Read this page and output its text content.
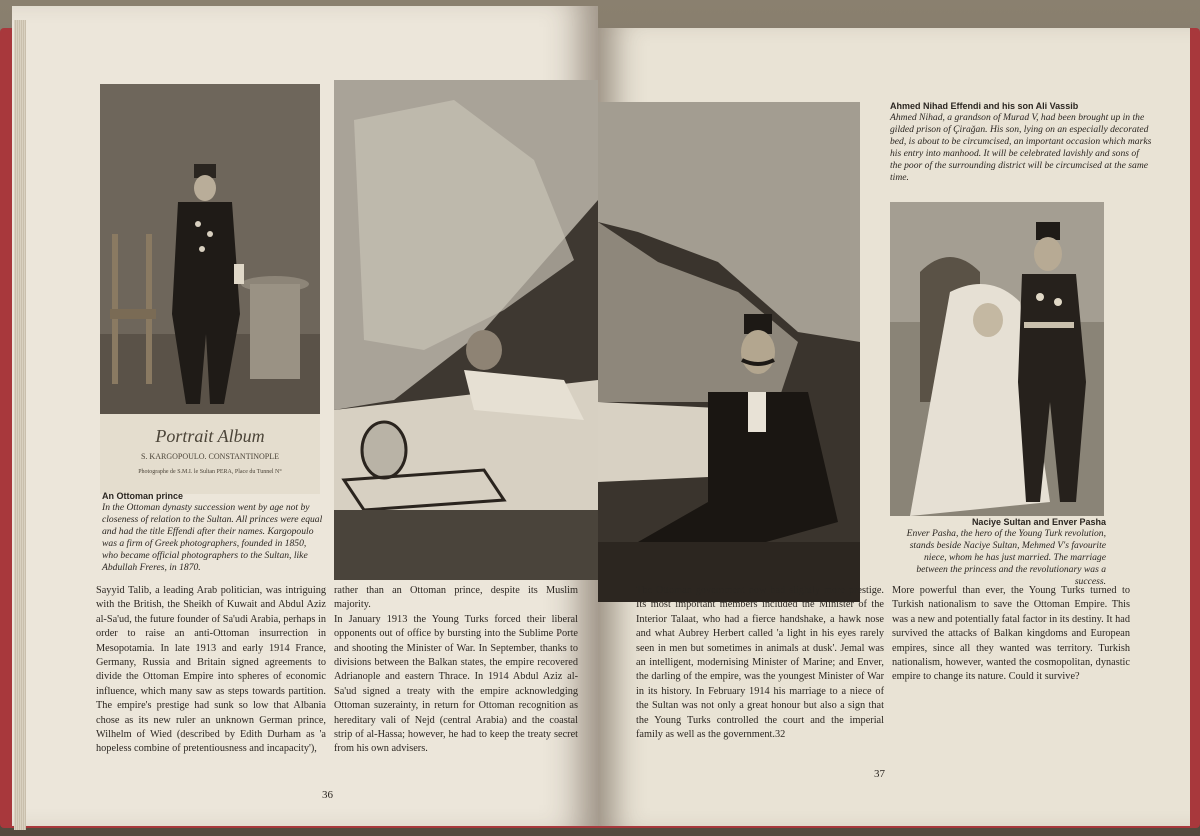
Portrait Album
S. KARGOPOULO. CONSTANTINOPLE
Photographe de S.M.I. le Sultan PERA, Place du Tunnel N°
An Ottoman prince
In the Ottoman dynasty succession went by age not by closeness of relation to the Sultan. All princes were equal and had the title Effendi after their names. Kargopoulo was a firm of Greek photographers, founded in 1850, who became official photographers to the Sultan, like Abdullah Freres, in 1870.

Sayyid Talib, a leading Arab politician, was intriguing with the British, the Sheikh of Kuwait and Abdul Aziz al-Sa'ud, the future founder of Sa'udi Arabia, perhaps in order to raise an anti-Ottoman insurrection in Mesopotamia. In late 1913 and early 1914 France, Germany, Russia and Britain signed agreements to divide the Ottoman Empire into spheres of economic influence, which many saw as steps towards partition. The empire's prestige had sunk so low that Albania chose as its new ruler an unknown German prince, Wilhelm of Wied (described by Edith Durham as 'a hopeless combine of pretentiousness and incapacity'),

rather than an Ottoman prince, despite its Muslim majority.

In January 1913 the Young Turks forced their liberal opponents out of office by bursting into the Sublime Porte and shooting the Minister of War. In September, thanks to divisions between the Balkan states, the empire recovered Adrianople and eastern Thrace. In 1914 Abdul Aziz al-Sa'ud signed a treaty with the empire acknowledging Ottoman suzerainty, in return for Ottoman recognition as hereditary vali of Nejd (central Arabia) and the coastal strip of al-Hassa; however, he had to keep the treaty secret from his own advisers.

36
Ahmed Nihad Effendi and his son Ali Vassib
Ahmed Nihad, a grandson of Murad V, had been brought up in the gilded prison of Çirağan. His son, lying on an especially decorated bed, is about to be circumcised, an important occasion which marks his entry into manhood. It will be celebrated lavishly and sons of the poor of the surrounding district will be circumcised at the same time.
Naciye Sultan and Enver Pasha
Enver Pasha, the hero of the Young Turk revolution, stands beside Naciye Sultan, Mehmed V's favourite niece, whom he has just married. The marriage between the princess and the revolutionary was a success.

The Ottoman government now had slightly more prestige. Its most important members included the Minister of the Interior Talaat, who had a fierce handshake, a hawk nose and what Aubrey Herbert called 'a light in his eyes rarely seen in men but sometimes in animals at dusk'. Jemal was an intelligent, modernising Minister of Marine; and Enver, the darling of the empire, was the youngest Minister of War in its history. In February 1914 his marriage to a niece of the Sultan was not only a great honour but also a sign that the Young Turks controlled the court and the imperial family as well as the government.32

More powerful than ever, the Young Turks turned to Turkish nationalism to save the Ottoman Empire. This was a new and potentially fatal factor in its destiny. It had survived the attacks of Balkan kingdoms and European empires, since all they wanted was territory. Turkish nationalism, however, wanted the cosmopolitan, dynastic empire to change its nature. Could it survive?

37
